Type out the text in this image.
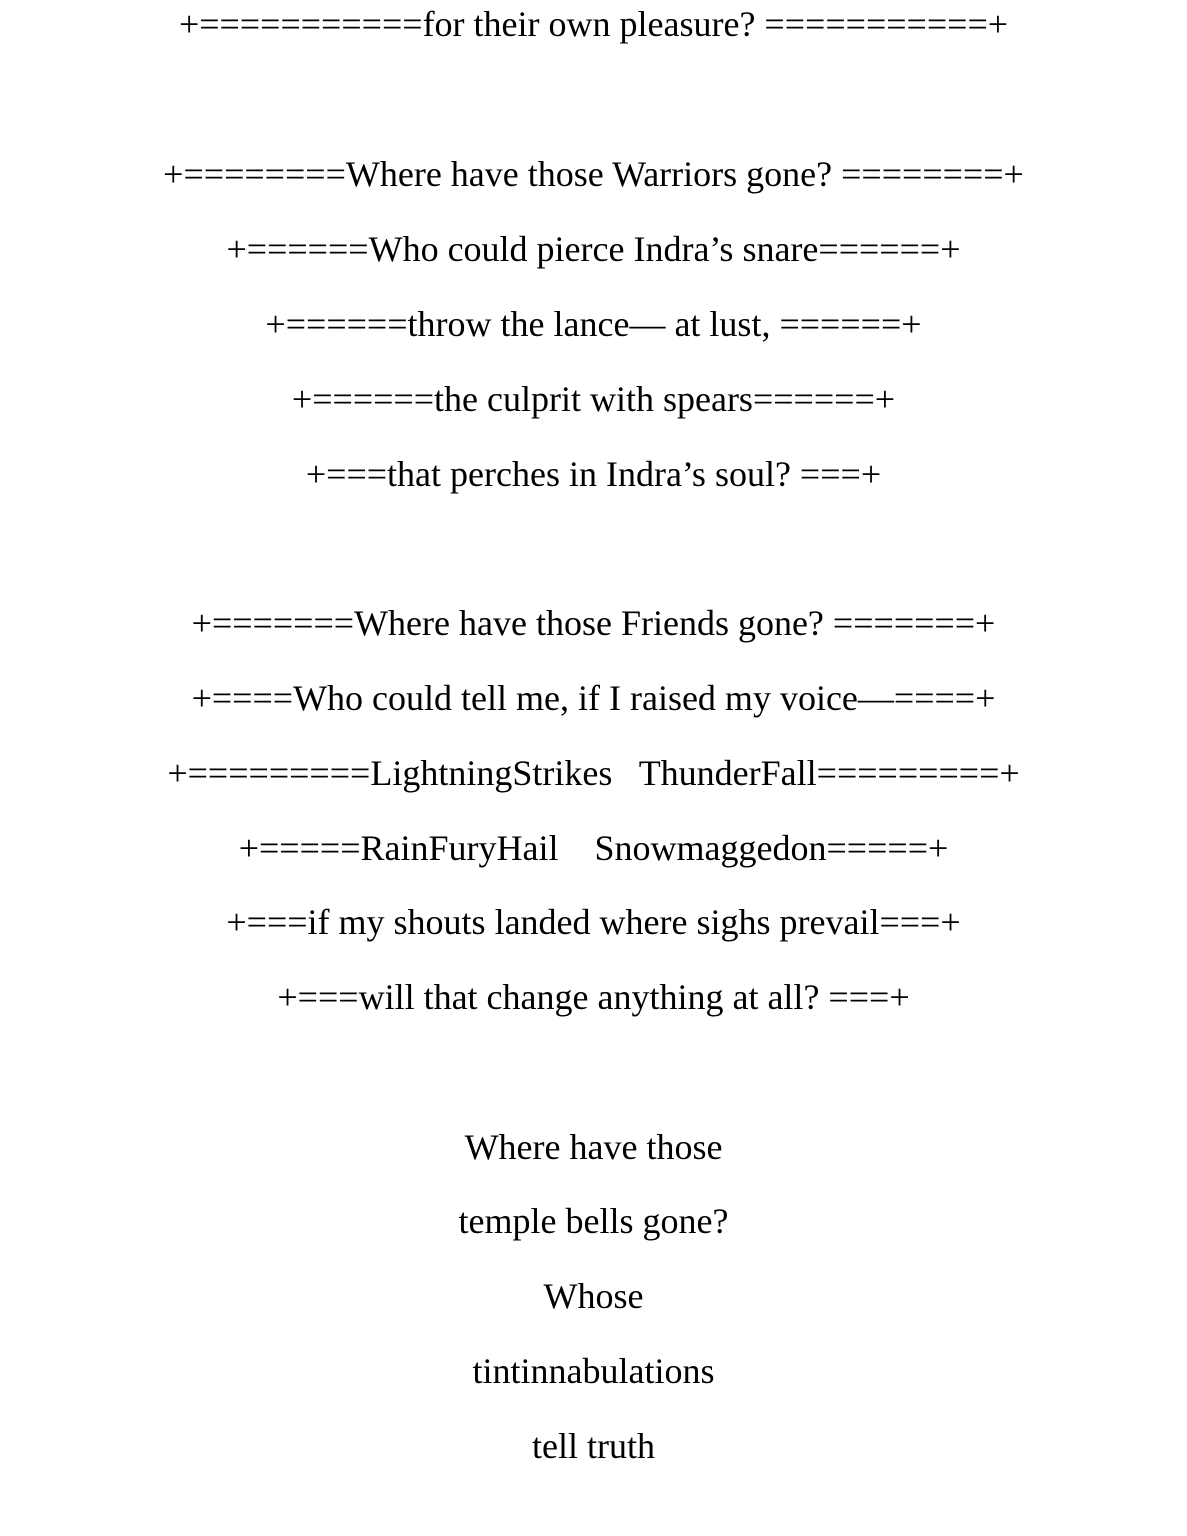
+===========for their own pleasure? ===========+
+========Where have those Warriors gone? ========+
+======Who could pierce Indra’s snare======+
+======throw the lance— at lust, ======+
+======the culprit with spears======+
+===that perches in Indra’s soul? ===+
+=======Where have those Friends gone? =======+
+====Who could tell me, if I raised my voice—====+
+=========LightningStrikes   ThunderFall=========+
+=====RainFuryHail    Snowmaggedon=====+
+===if my shouts landed where sighs prevail===+
+===will that change anything at all? ===+
Where have those
temple bells gone?
Whose
tintinnabulations
tell truth
